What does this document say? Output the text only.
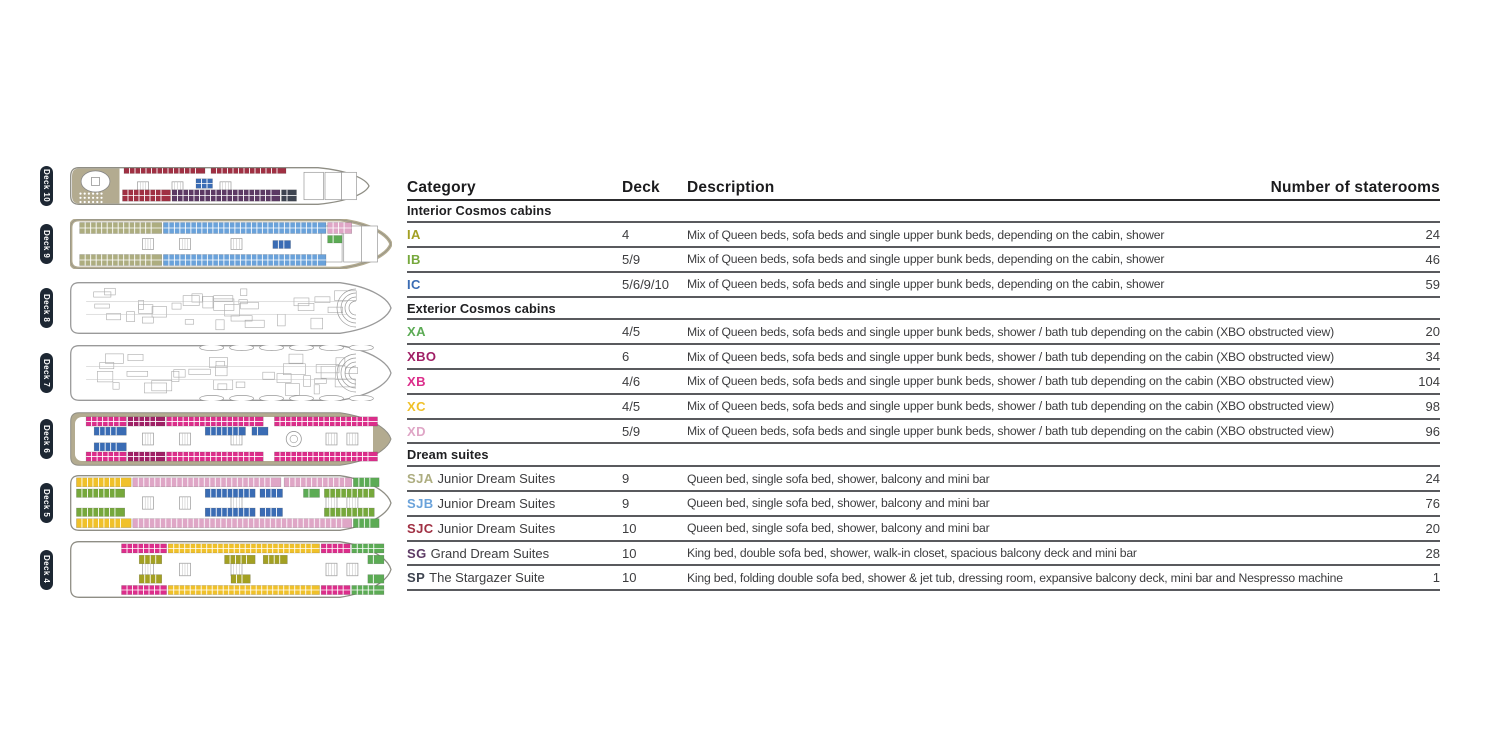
Deck 10
Deck 9
Deck 8
Deck 7
Deck 6
Deck 5
Deck 4
Category	Deck	Description	Number of staterooms
Interior Cosmos cabins
IA	4	Mix of Queen beds, sofa beds and single upper bunk beds, depending on the cabin, shower	24
IB	5/9	Mix of Queen beds, sofa beds and single upper bunk beds, depending on the cabin, shower	46
IC	5/6/9/10	Mix of Queen beds, sofa beds and single upper bunk beds, depending on the cabin, shower	59
Exterior Cosmos cabins
XA	4/5	Mix of Queen beds, sofa beds and single upper bunk beds, shower / bath tub depending on the cabin (XBO obstructed view)	20
XBO	6	Mix of Queen beds, sofa beds and single upper bunk beds, shower / bath tub depending on the cabin (XBO obstructed view)	34
XB	4/6	Mix of Queen beds, sofa beds and single upper bunk beds, shower / bath tub depending on the cabin (XBO obstructed view)	104
XC	4/5	Mix of Queen beds, sofa beds and single upper bunk beds, shower / bath tub depending on the cabin (XBO obstructed view)	98
XD	5/9	Mix of Queen beds, sofa beds and single upper bunk beds, shower / bath tub depending on the cabin (XBO obstructed view)	96
Dream suites
SJA Junior Dream Suites	9	Queen bed, single sofa bed, shower, balcony and mini bar	24
SJB Junior Dream Suites	9	Queen bed, single sofa bed, shower, balcony and mini bar	76
SJC Junior Dream Suites	10	Queen bed, single sofa bed, shower, balcony and mini bar	20
SG Grand Dream Suites	10	King bed, double sofa bed, shower, walk-in closet, spacious balcony deck and mini bar	28
SP The Stargazer Suite	10	King bed, folding double sofa bed, shower & jet tub, dressing room, expansive balcony deck, mini bar and Nespresso machine	1
